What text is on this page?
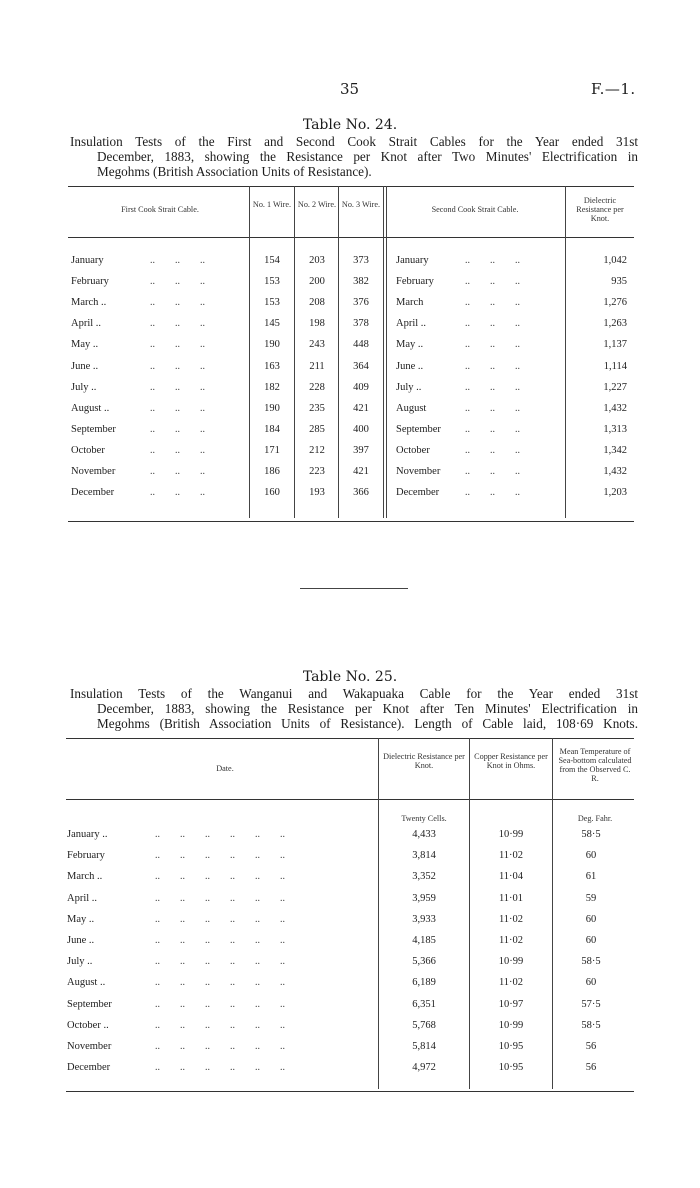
35	F.—1.
Table No. 24.
Insulation Tests of the First and Second Cook Strait Cables for the Year ended 31st
December, 1883, showing the Resistance per Knot after Two Minutes' Electrification in
Megohms (British Association Units of Resistance).
First Cook Strait Cable.
No. 1 Wire. No. 2 Wire. No. 3 Wire.
Second Cook Strait Cable.
Dielectric Resistance per Knot.
January	..        ..        ..	154	203	373	January	..        ..        ..	1,042
February	..        ..        ..	153	200	382	February	..        ..        ..	935
March ..	..        ..        ..	153	208	376	March	..        ..        ..	1,276
April ..	..        ..        ..	145	198	378	April ..	..        ..        ..	1,263
May ..	..        ..        ..	190	243	448	May ..	..        ..        ..	1,137
June ..	..        ..        ..	163	211	364	June ..	..        ..        ..	1,114
July ..	..        ..        ..	182	228	409	July ..	..        ..        ..	1,227
August ..	..        ..        ..	190	235	421	August	..        ..        ..	1,432
September	..        ..        ..	184	285	400	September ..        ..        ..	1,313
October	..        ..        ..	171	212	397	October	..        ..        ..	1,342
November	..        ..        ..	186	223	421	November ..        ..        ..	1,432
December	..        ..        ..	160	193	366	December	..        ..        ..	1,203
Table No. 25.
Insulation Tests of the Wanganui and Wakapuaka Cable for the Year ended 31st
December, 1883, showing the Resistance per Knot after Ten Minutes' Electrification in
Megohms (British Association Units of Resistance). Length of Cable laid, 108·69 Knots.
Date.
Dielectric Resistance per Knot.
Copper Resistance per Knot in Ohms.
Mean Temperature of Sea-bottom calculated from the Observed C. R.
Twenty Cells.	Deg. Fahr.
January ..	..        ..        ..        ..        ..        ..	4,433	10·99	58·5
February	..        ..        ..        ..        ..        ..	3,814	11·02	60
March ..	..        ..        ..        ..        ..        ..	3,352	11·04	61
April ..	..        ..        ..        ..        ..        ..	3,959	11·01	59
May ..	..        ..        ..        ..        ..        ..	3,933	11·02	60
June ..	..        ..        ..        ..        ..        ..	4,185	11·02	60
July ..	..        ..        ..        ..        ..        ..	5,366	10·99	58·5
August ..	..        ..        ..        ..        ..        ..	6,189	11·02	60
September	..        ..        ..        ..        ..        ..	6,351	10·97	57·5
October ..	..        ..        ..        ..        ..        ..	5,768	10·99	58·5
November	..        ..        ..        ..        ..        ..	5,814	10·95	56
December	..        ..        ..        ..        ..        ..	4,972	10·95	56
